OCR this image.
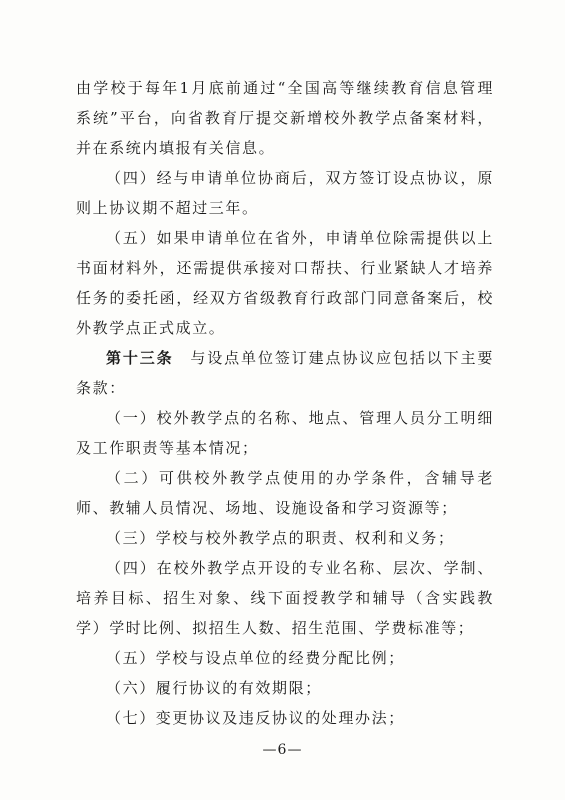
由学校于每年1月底前通过“全国高等继续教育信息管理系统”平台，向省教育厅提交新增校外教学点备案材料，并在系统内填报有关信息。

（四）经与申请单位协商后，双方签订设点协议，原则上协议期不超过三年。

（五）如果申请单位在省外，申请单位除需提供以上书面材料外，还需提供承接对口帮扶、行业紧缺人才培养任务的委托函，经双方省级教育行政部门同意备案后，校外教学点正式成立。

第十三条　与设点单位签订建点协议应包括以下主要条款：

（一）校外教学点的名称、地点、管理人员分工明细及工作职责等基本情况；

（二）可供校外教学点使用的办学条件，含辅导老师、教辅人员情况、场地、设施设备和学习资源等；

（三）学校与校外教学点的职责、权利和义务；

（四）在校外教学点开设的专业名称、层次、学制、培养目标、招生对象、线下面授教学和辅导（含实践教学）学时比例、拟招生人数、招生范围、学费标准等；

（五）学校与设点单位的经费分配比例；

（六）履行协议的有效期限；

（七）变更协议及违反协议的处理办法；

—6—
